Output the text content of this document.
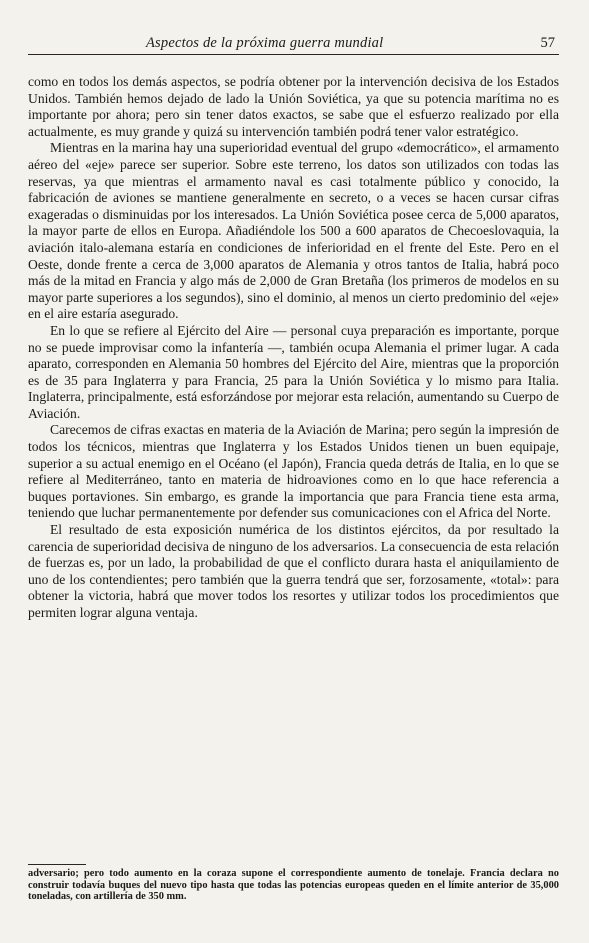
Aspectos de la próxima guerra mundial	57

como en todos los demás aspectos, se podría obtener por la intervención decisiva de los Estados Unidos. También hemos dejado de lado la Unión Soviética, ya que su potencia marítima no es importante por ahora; pero sin tener datos exactos, se sabe que el esfuerzo realizado por ella actualmente, es muy grande y quizá su intervención también podrá tener valor estratégico.

Mientras en la marina hay una superioridad eventual del grupo «democrático», el armamento aéreo del «eje» parece ser superior. Sobre este terreno, los datos son utilizados con todas las reservas, ya que mientras el armamento naval es casi totalmente público y conocido, la fabricación de aviones se mantiene generalmente en secreto, o a veces se hacen cursar cifras exageradas o disminuidas por los interesados. La Unión Soviética posee cerca de 5,000 aparatos, la mayor parte de ellos en Europa. Añadiéndole los 500 a 600 aparatos de Checoeslovaquia, la aviación italo-alemana estaría en condiciones de inferioridad en el frente del Este. Pero en el Oeste, donde frente a cerca de 3,000 aparatos de Alemania y otros tantos de Italia, habrá poco más de la mitad en Francia y algo más de 2,000 de Gran Bretaña (los primeros de modelos en su mayor parte superiores a los segundos), sino el dominio, al menos un cierto predominio del «eje» en el aire estaría asegurado.

En lo que se refiere al Ejército del Aire — personal cuya preparación es importante, porque no se puede improvisar como la infantería —, también ocupa Alemania el primer lugar. A cada aparato, corresponden en Alemania 50 hombres del Ejército del Aire, mientras que la proporción es de 35 para Inglaterra y para Francia, 25 para la Unión Soviética y lo mismo para Italia. Inglaterra, principalmente, está esforzándose por mejorar esta relación, aumentando su Cuerpo de Aviación.

Carecemos de cifras exactas en materia de la Aviación de Marina; pero según la impresión de todos los técnicos, mientras que Inglaterra y los Estados Unidos tienen un buen equipaje, superior a su actual enemigo en el Océano (el Japón), Francia queda detrás de Italia, en lo que se refiere al Mediterráneo, tanto en materia de hidroaviones como en lo que hace referencia a buques portaviones. Sin embargo, es grande la importancia que para Francia tiene esta arma, teniendo que luchar permanentemente por defender sus comunicaciones con el Africa del Norte.

El resultado de esta exposición numérica de los distintos ejércitos, da por resultado la carencia de superioridad decisiva de ninguno de los adversarios. La consecuencia de esta relación de fuerzas es, por un lado, la probabilidad de que el conflicto durara hasta el aniquilamiento de uno de los contendientes; pero también que la guerra tendrá que ser, forzosamente, «total»: para obtener la victoria, habrá que mover todos los resortes y utilizar todos los procedimientos que permiten lograr alguna ventaja.

adversario; pero todo aumento en la coraza supone el correspondiente aumento de tonelaje. Francia declara no construir todavía buques del nuevo tipo hasta que todas las potencias europeas queden en el límite anterior de 35,000 toneladas, con artillería de 350 mm.
